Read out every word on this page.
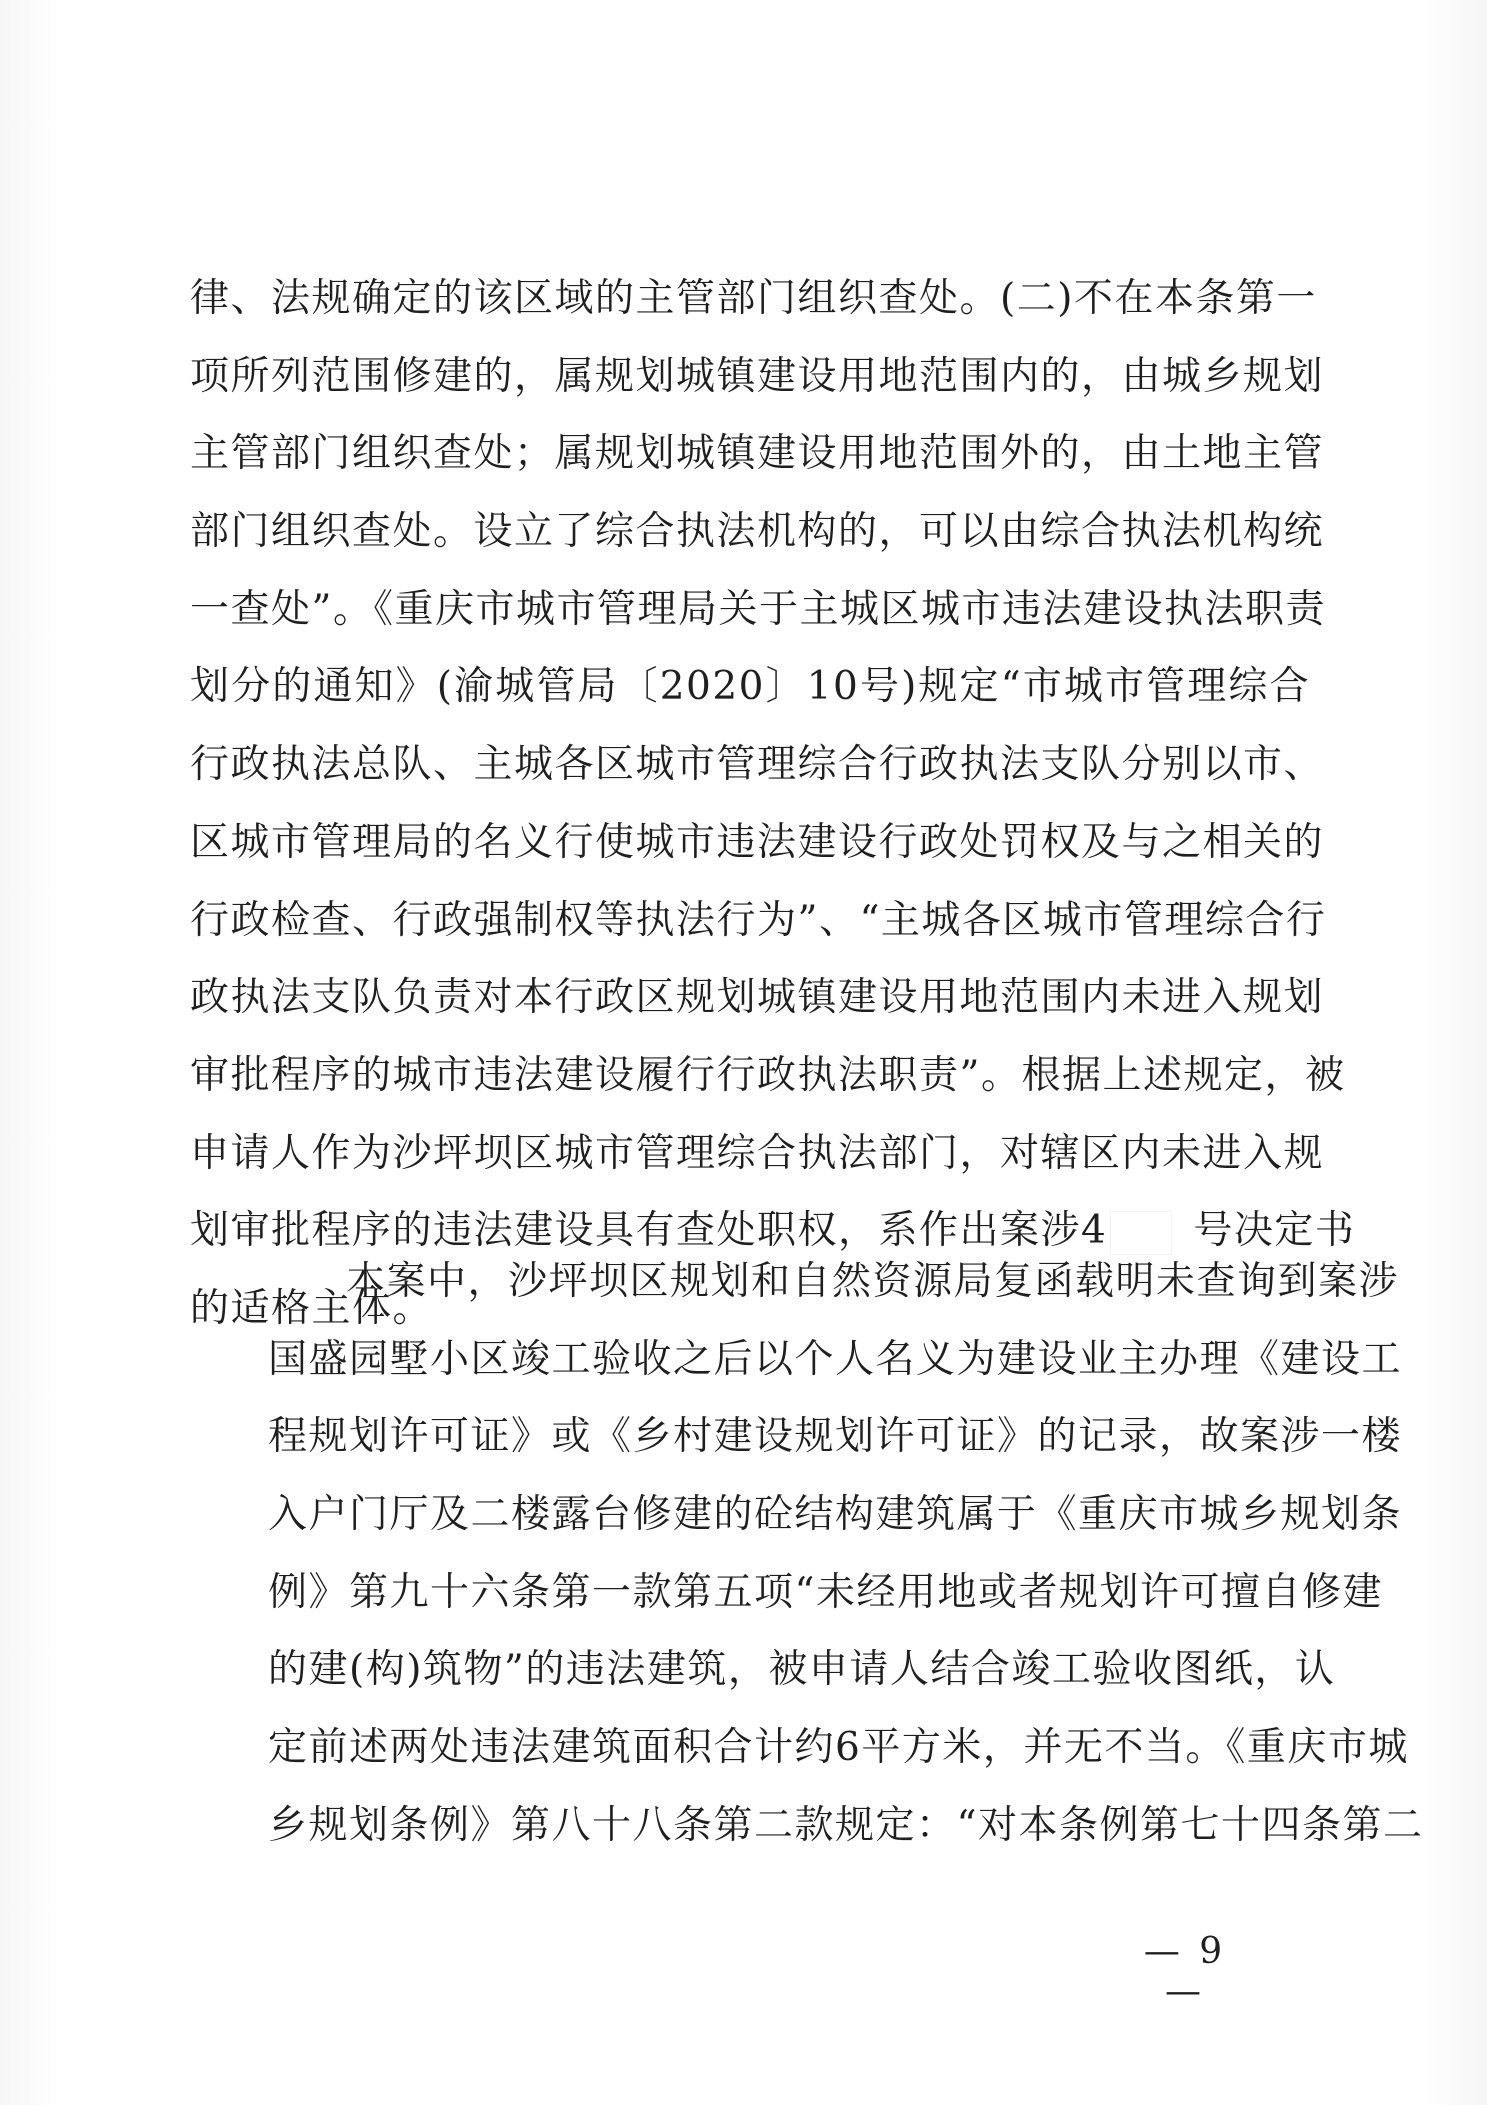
律、法规确定的该区域的主管部门组织查处。(二)不在本条第一
项所列范围修建的，属规划城镇建设用地范围内的，由城乡规划
主管部门组织查处；属规划城镇建设用地范围外的，由土地主管
部门组织查处。设立了综合执法机构的，可以由综合执法机构统
一查处”。《重庆市城市管理局关于主城区城市违法建设执法职责
划分的通知》(渝城管局〔2020〕10号)规定“市城市管理综合
行政执法总队、主城各区城市管理综合行政执法支队分别以市、
区城市管理局的名义行使城市违法建设行政处罚权及与之相关的
行政检查、行政强制权等执法行为”、“主城各区城市管理综合行
政执法支队负责对本行政区规划城镇建设用地范围内未进入规划
审批程序的城市违法建设履行行政执法职责”。根据上述规定，被
申请人作为沙坪坝区城市管理综合执法部门，对辖区内未进入规
划审批程序的违法建设具有查处职权，系作出案涉4 号决定书
的适格主体。
本案中，沙坪坝区规划和自然资源局复函载明未查询到案涉
国盛园墅小区竣工验收之后以个人名义为建设业主办理《建设工
程规划许可证》或《乡村建设规划许可证》的记录，故案涉一楼
入户门厅及二楼露台修建的砼结构建筑属于《重庆市城乡规划条
例》第九十六条第一款第五项“未经用地或者规划许可擅自修建
的建(构)筑物”的违法建筑，被申请人结合竣工验收图纸，认
定前述两处违法建筑面积合计约6平方米，并无不当。《重庆市城
乡规划条例》第八十八条第二款规定：“对本条例第七十四条第二
— 9 —
